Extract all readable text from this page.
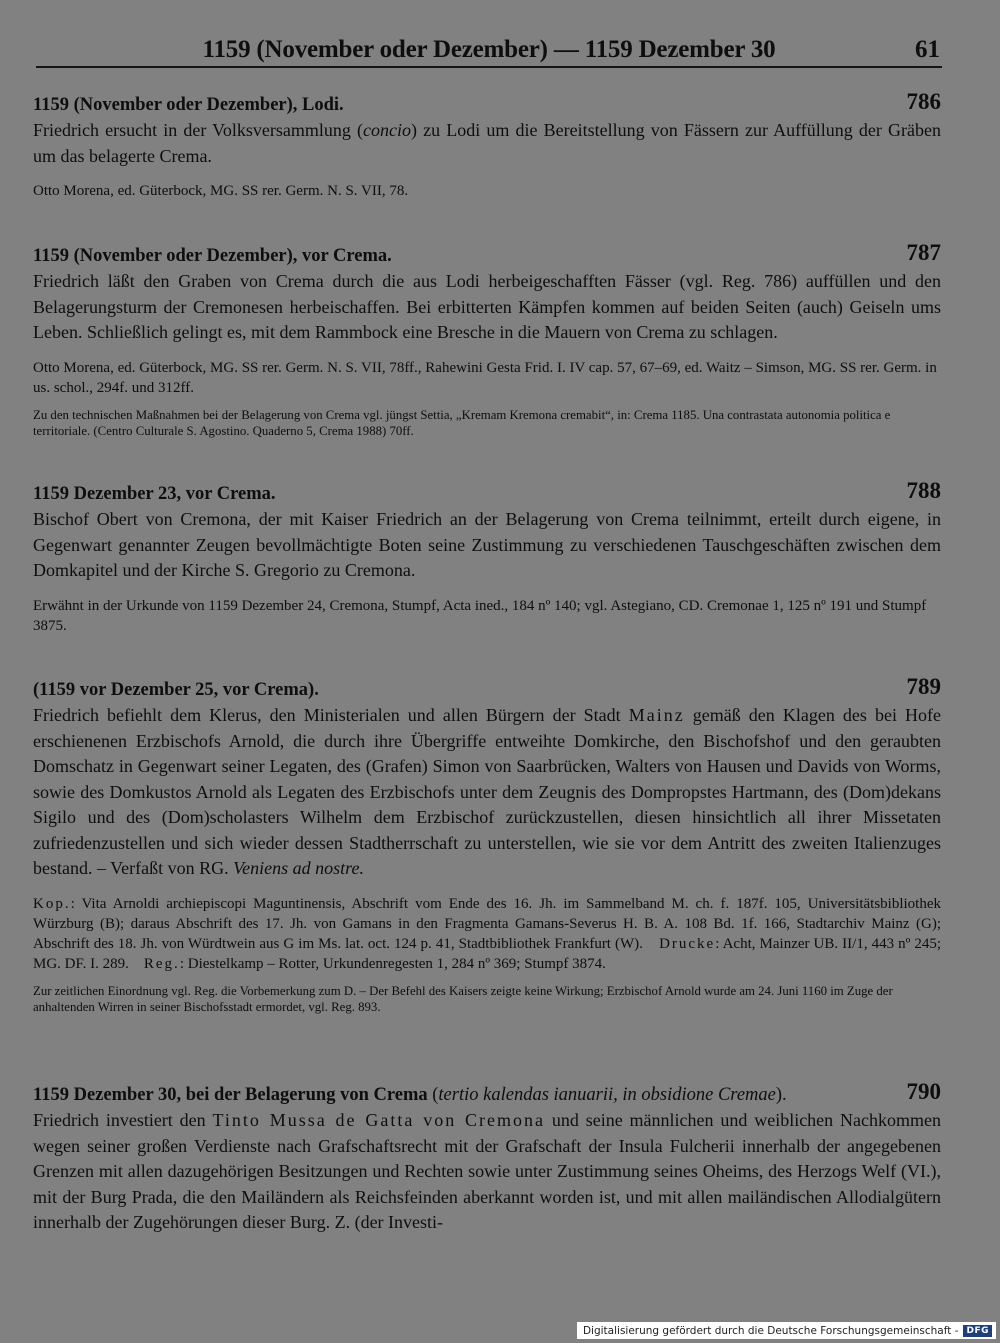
1159 (November oder Dezember) — 1159 Dezember 30	61
1159 (November oder Dezember), Lodi.	786
Friedrich ersucht in der Volksversammlung (concio) zu Lodi um die Bereitstellung von Fässern zur Auffüllung der Gräben um das belagerte Crema.
Otto Morena, ed. Güterbock, MG. SS rer. Germ. N. S. VII, 78.
1159 (November oder Dezember), vor Crema.	787
Friedrich läßt den Graben von Crema durch die aus Lodi herbeigeschafften Fässer (vgl. Reg. 786) auffüllen und den Belagerungsturm der Cremonesen herbeischaffen. Bei erbitterten Kämpfen kommen auf beiden Seiten (auch) Geiseln ums Leben. Schließlich gelingt es, mit dem Rammbock eine Bresche in die Mauern von Crema zu schlagen.
Otto Morena, ed. Güterbock, MG. SS rer. Germ. N. S. VII, 78ff., Rahewini Gesta Frid. I. IV cap. 57, 67–69, ed. Waitz – Simson, MG. SS rer. Germ. in us. schol., 294f. und 312ff.
Zu den technischen Maßnahmen bei der Belagerung von Crema vgl. jüngst Settia, „Kremam Kremona cremabit“, in: Crema 1185. Una contrastata autonomia politica e territoriale. (Centro Culturale S. Agostino. Quaderno 5, Crema 1988) 70ff.
1159 Dezember 23, vor Crema.	788
Bischof Obert von Cremona, der mit Kaiser Friedrich an der Belagerung von Crema teilnimmt, erteilt durch eigene, in Gegenwart genannter Zeugen bevollmächtigte Boten seine Zustimmung zu verschiedenen Tauschgeschäften zwischen dem Domkapitel und der Kirche S. Gregorio zu Cremona.
Erwähnt in der Urkunde von 1159 Dezember 24, Cremona, Stumpf, Acta ined., 184 nº 140; vgl. Astegiano, CD. Cremonae 1, 125 nº 191 und Stumpf 3875.
(1159 vor Dezember 25, vor Crema).	789
Friedrich befiehlt dem Klerus, den Ministerialen und allen Bürgern der Stadt Mainz gemäß den Klagen des bei Hofe erschienenen Erzbischofs Arnold, die durch ihre Übergriffe entweihte Domkirche, den Bischofshof und den geraubten Domschatz in Gegenwart seiner Legaten, des (Grafen) Simon von Saarbrücken, Walters von Hausen und Davids von Worms, sowie des Domkustos Arnold als Legaten des Erzbischofs unter dem Zeugnis des Dompropstes Hartmann, des (Dom)dekans Sigilo und des (Dom)scholasters Wilhelm dem Erzbischof zurückzustellen, diesen hinsichtlich all ihrer Missetaten zufriedenzustellen und sich wieder dessen Stadtherrschaft zu unterstellen, wie sie vor dem Antritt des zweiten Italienzuges bestand. – Verfaßt von RG. Veniens ad nostre.
Kop.: Vita Arnoldi archiepiscopi Maguntinensis, Abschrift vom Ende des 16. Jh. im Sammelband M. ch. f. 187f. 105, Universitätsbibliothek Würzburg (B); daraus Abschrift des 17. Jh. von Gamans in den Fragmenta Gamans-Severus H. B. A. 108 Bd. 1f. 166, Stadtarchiv Mainz (G); Abschrift des 18. Jh. von Würdtwein aus G im Ms. lat. oct. 124 p. 41, Stadtbibliothek Frankfurt (W). Drucke: Acht, Mainzer UB. II/1, 443 nº 245; MG. DF. I. 289. Reg.: Diestelkamp – Rotter, Urkundenregesten 1, 284 nº 369; Stumpf 3874.
Zur zeitlichen Einordnung vgl. Reg. die Vorbemerkung zum D. – Der Befehl des Kaisers zeigte keine Wirkung; Erzbischof Arnold wurde am 24. Juni 1160 im Zuge der anhaltenden Wirren in seiner Bischofsstadt ermordet, vgl. Reg. 893.
1159 Dezember 30, bei der Belagerung von Crema (tertio kalendas ianuarii, in obsidione Cremae).	790
Friedrich investiert den Tinto Mussa de Gatta von Cremona und seine männlichen und weiblichen Nachkommen wegen seiner großen Verdienste nach Grafschaftsrecht mit der Grafschaft der Insula Fulcherii innerhalb der angegebenen Grenzen mit allen dazugehörigen Besitzungen und Rechten sowie unter Zustimmung seines Oheims, des Herzogs Welf (VI.), mit der Burg Prada, die den Mailändern als Reichsfeinden aberkannt worden ist, und mit allen mailändischen Allodialgütern innerhalb der Zugehörungen dieser Burg. Z. (der Investi-
Digitalisierung gefördert durch die Deutsche Forschungsgemeinschaft - DFG
